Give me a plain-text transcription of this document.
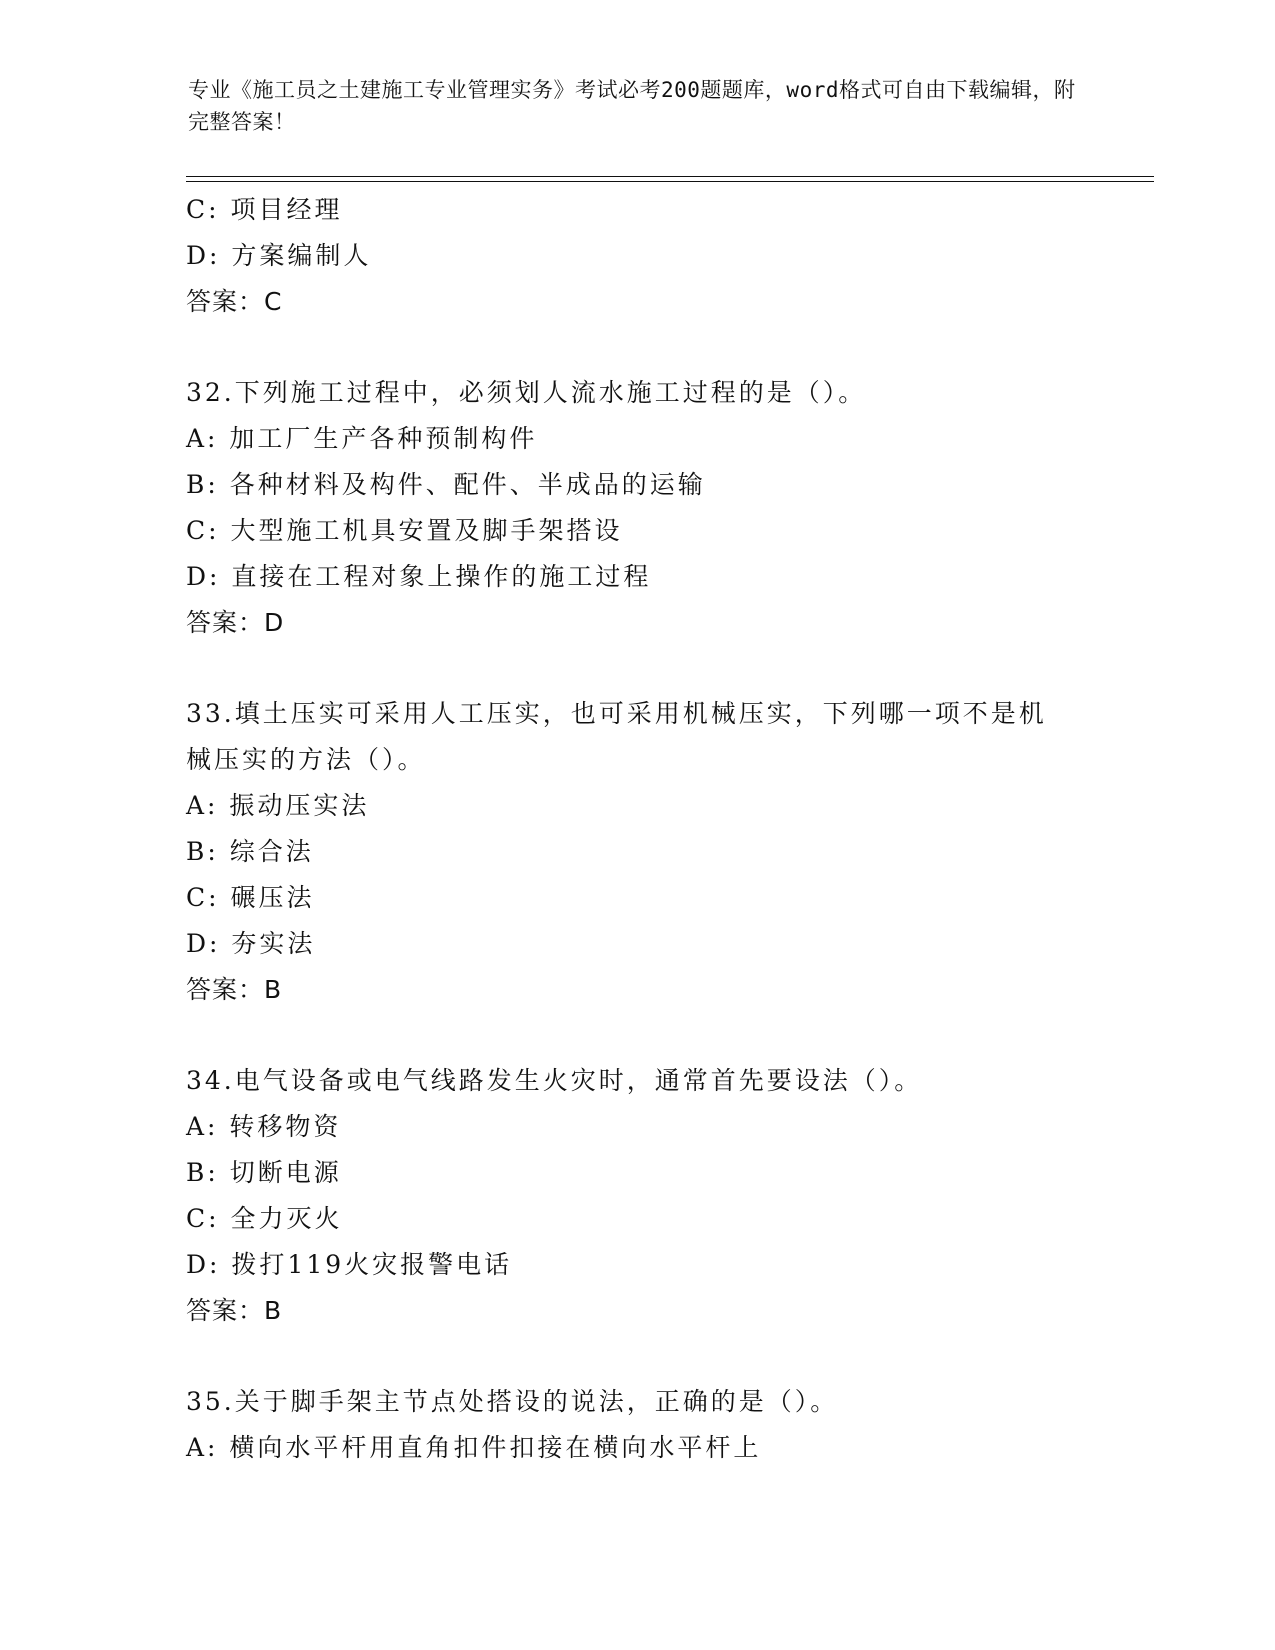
专业《施工员之土建施工专业管理实务》考试必考200题题库，word格式可自由下载编辑，附完整答案！
C: 项目经理
D: 方案编制人
答案：C
32.下列施工过程中，必须划人流水施工过程的是（）。
A: 加工厂生产各种预制构件
B: 各种材料及构件、配件、半成品的运输
C: 大型施工机具安置及脚手架搭设
D: 直接在工程对象上操作的施工过程
答案：D
33.填土压实可采用人工压实，也可采用机械压实，下列哪一项不是机
械压实的方法（）。
A: 振动压实法
B: 综合法
C: 碾压法
D: 夯实法
答案：B
34.电气设备或电气线路发生火灾时，通常首先要设法（）。
A: 转移物资
B: 切断电源
C: 全力灭火
D: 拨打119火灾报警电话
答案：B
35.关于脚手架主节点处搭设的说法，正确的是（）。
A: 横向水平杆用直角扣件扣接在横向水平杆上
